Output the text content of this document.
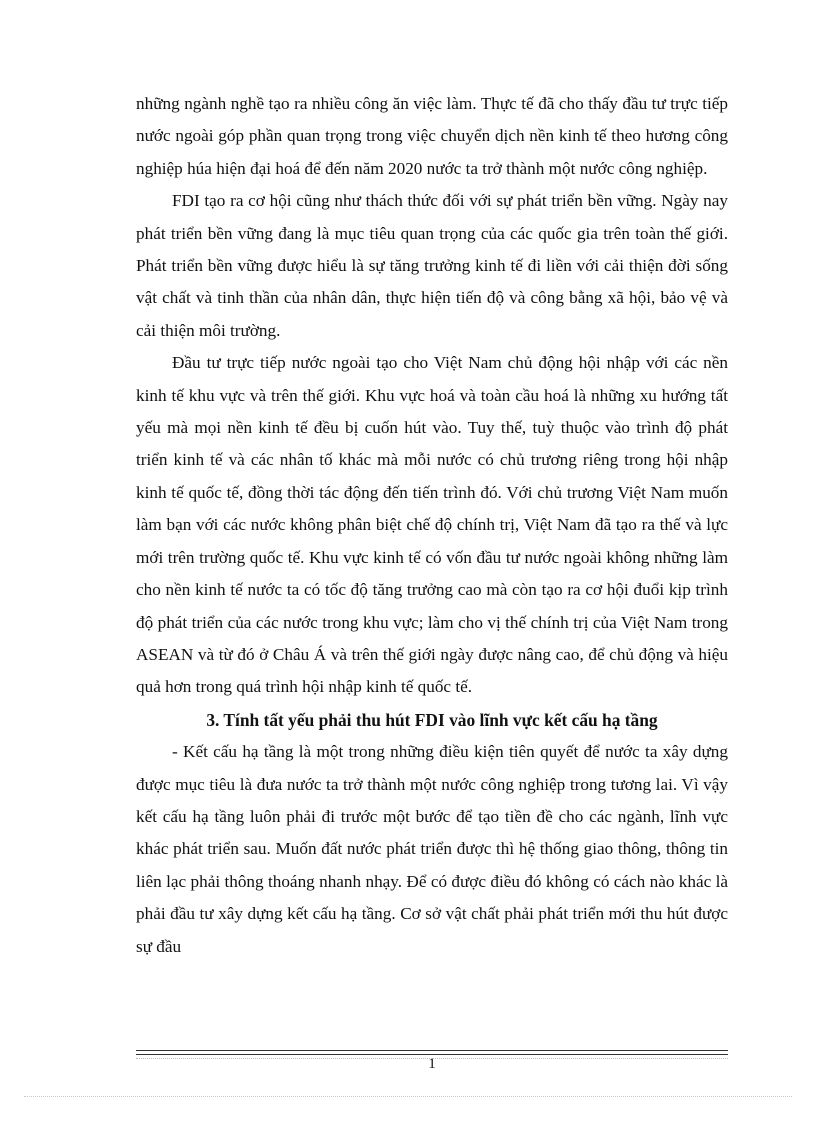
những ngành nghề tạo ra nhiều công ăn việc làm. Thực tế đã cho thấy đầu tư trực tiếp nước ngoài góp phần quan trọng trong việc chuyển dịch nền kinh tế theo hương công nghiệp húa hiện đại hoá để đến năm 2020 nước ta trở thành một nước công nghiệp.

FDI tạo ra cơ hội cũng như thách thức đối với sự phát triển bền vững. Ngày nay phát triển bền vững đang là mục tiêu quan trọng của các quốc gia trên toàn thế giới. Phát triển bền vững được hiểu là sự tăng trưởng kinh tế đi liền với cải thiện đời sống vật chất và tinh thần của nhân dân, thực hiện tiến độ và công bằng xã hội, bảo vệ và cải thiện môi trường.

Đầu tư trực tiếp nước ngoài tạo cho Việt Nam chủ động hội nhập với các nền kinh tế khu vực và trên thế giới. Khu vực hoá và toàn cầu hoá là những xu hướng tất yếu mà mọi nền kinh tế đều bị cuốn hút vào. Tuy thế, tuỳ thuộc vào trình độ phát triển kinh tế và các nhân tố khác mà mỗi nước có chủ trương riêng trong hội nhập kinh tế quốc tế, đồng thời tác động đến tiến trình đó. Với chủ trương Việt Nam muốn làm bạn với các nước không phân biệt chế độ chính trị, Việt Nam đã tạo ra thế và lực mới trên trường quốc tế. Khu vực kinh tế có vốn đầu tư nước ngoài không những làm cho nền kinh tế nước ta có tốc độ tăng trưởng cao mà còn tạo ra cơ hội đuổi kịp trình độ phát triển của các nước trong khu vực; làm cho vị thế chính trị của Việt Nam trong ASEAN và từ đó ở Châu Á và trên thế giới ngày được nâng cao, để chủ động và hiệu quả hơn trong quá trình hội nhập kinh tế quốc tế.

3. Tính tất yếu phải thu hút FDI vào lĩnh vực kết cấu hạ tầng

- Kết cấu hạ tầng là một trong những điều kiện tiên quyết để nước ta xây dựng được mục tiêu là đưa nước ta trở thành một nước công nghiệp trong tương lai. Vì vậy kết cấu hạ tầng luôn phải đi trước một bước để tạo tiền đề cho các ngành, lĩnh vực khác phát triển sau. Muốn đất nước phát triển được thì hệ thống giao thông, thông tin liên lạc phải thông thoáng nhanh nhạy. Để có được điều đó không có cách nào khác là phải đầu tư xây dựng kết cấu hạ tầng. Cơ sở vật chất phải phát triển mới thu hút được sự đầu

1
